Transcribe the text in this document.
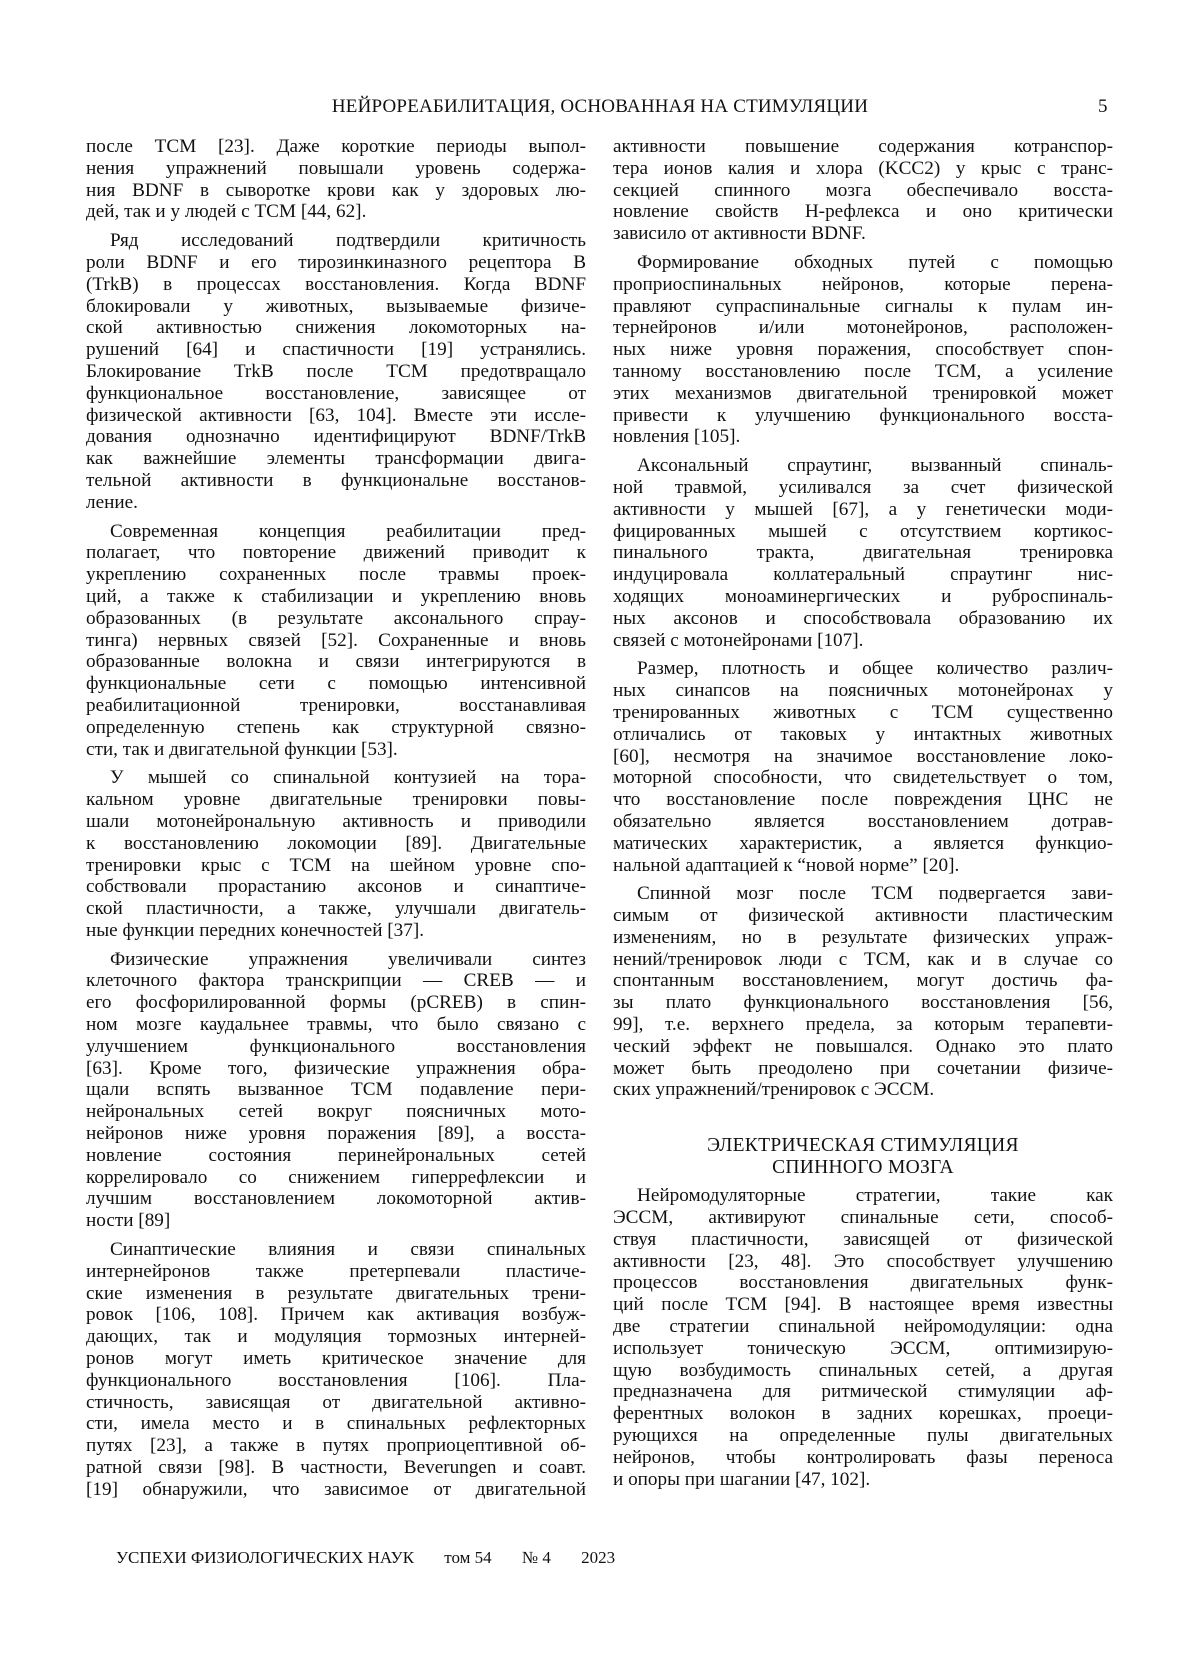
НЕЙРОРЕАБИЛИТАЦИЯ, ОСНОВАННАЯ НА СТИМУЛЯЦИИ	5
после ТСМ [23]. Даже короткие периоды выпол-
нения упражнений повышали уровень содержа-
ния BDNF в сыворотке крови как у здоровых лю-
дей, так и у людей с ТСМ [44, 62].
Ряд исследований подтвердили критичность
роли BDNF и его тирозинкиназного рецептора В
(TrkB) в процессах восстановления. Когда BDNF
блокировали у животных, вызываемые физиче-
ской активностью снижения локомоторных на-
рушений [64] и спастичности [19] устранялись.
Блокирование TrkB после ТСМ предотвращало
функциональное восстановление, зависящее от
физической активности [63, 104]. Вместе эти иссле-
дования однозначно идентифицируют BDNF/TrkB
как важнейшие элементы трансформации двига-
тельной активности в функциональне восстанов-
ление.
Современная концепция реабилитации пред-
полагает, что повторение движений приводит к
укреплению сохраненных после травмы проек-
ций, а также к стабилизации и укреплению вновь
образованных (в результате аксонального спрау-
тинга) нервных связей [52]. Сохраненные и вновь
образованные волокна и связи интегрируются в
функциональные сети с помощью интенсивной
реабилитационной тренировки, восстанавливая
определенную степень как структурной связно-
сти, так и двигательной функции [53].
У мышей со спинальной контузией на тора-
кальном уровне двигательные тренировки повы-
шали мотонейрональную активность и приводили
к восстановлению локомоции [89]. Двигательные
тренировки крыс с ТСМ на шейном уровне спо-
собствовали прорастанию аксонов и синаптиче-
ской пластичности, а также, улучшали двигатель-
ные функции передних конечностей [37].
Физические упражнения увеличивали синтез
клеточного фактора транскрипции — CREB — и
его фосфорилированной формы (pCREB) в спин-
ном мозге каудальнее травмы, что было связано с
улучшением функционального восстановления
[63]. Кроме того, физические упражнения обра-
щали вспять вызванное ТСМ подавление пери-
нейрональных сетей вокруг поясничных мото-
нейронов ниже уровня поражения [89], а восста-
новление состояния перинейрональных сетей
коррелировало со снижением гиперрефлексии и
лучшим восстановлением локомоторной актив-
ности [89]
Синаптические влияния и связи спинальных
интернейронов также претерпевали пластиче-
ские изменения в результате двигательных трени-
ровок [106, 108]. Причем как активация возбуж-
дающих, так и модуляция тормозных интерней-
ронов могут иметь критическое значение для
функционального восстановления [106]. Пла-
стичность, зависящая от двигательной активно-
сти, имела место и в спинальных рефлекторных
путях [23], а также в путях проприоцептивной об-
ратной связи [98]. В частности, Beverungen и соавт.
[19] обнаружили, что зависимое от двигательной
активности повышение содержания котранспор-
тера ионов калия и хлора (KCC2) у крыс с транс-
секцией спинного мозга обеспечивало восста-
новление свойств H-рефлекса и оно критически
зависило от активности BDNF.
Формирование обходных путей с помощью
проприоспинальных нейронов, которые перена-
правляют супраспинальные сигналы к пулам ин-
тернейронов и/или мотонейронов, расположен-
ных ниже уровня поражения, способствует спон-
танному восстановлению после ТСМ, а усиление
этих механизмов двигательной тренировкой может
привести к улучшению функционального восста-
новления [105].
Аксональный спраутинг, вызванный спиналь-
ной травмой, усиливался за счет физической
активности у мышей [67], а у генетически моди-
фицированных мышей с отсутствием кортикос-
пинального тракта, двигательная тренировка
индуцировала коллатеральный спраутинг нис-
ходящих моноаминергических и руброспиналь-
ных аксонов и способствовала образованию их
связей с мотонейронами [107].
Размер, плотность и общее количество различ-
ных синапсов на поясничных мотонейронах у
тренированных животных с ТСМ существенно
отличались от таковых у интактных животных
[60], несмотря на значимое восстановление локо-
моторной способности, что свидетельствует о том,
что восстановление после повреждения ЦНС не
обязательно является восстановлением дотрав-
матических характеристик, а является функцио-
нальной адаптацией к “новой норме” [20].
Спинной мозг после ТСМ подвергается зави-
симым от физической активности пластическим
изменениям, но в результате физических упраж-
нений/тренировок люди с ТСМ, как и в случае со
спонтанным восстановлением, могут достичь фа-
зы плато функционального восстановления [56,
99], т.е. верхнего предела, за которым терапевти-
ческий эффект не повышался. Однако это плато
может быть преодолено при сочетании физиче-
ских упражнений/тренировок с ЭССМ.
ЭЛЕКТРИЧЕСКАЯ СТИМУЛЯЦИЯ
СПИННОГО МОЗГА
Нейромодуляторные стратегии, такие как
ЭССМ, активируют спинальные сети, способ-
ствуя пластичности, зависящей от физической
активности [23, 48]. Это способствует улучшению
процессов восстановления двигательных функ-
ций после ТСМ [94]. В настоящее время известны
две стратегии спинальной нейромодуляции: одна
использует тоническую ЭССМ, оптимизирую-
щую возбудимость спинальных сетей, а другая
предназначена для ритмической стимуляции аф-
ферентных волокон в задних корешках, проеци-
рующихся на определенные пулы двигательных
нейронов, чтобы контролировать фазы переноса
и опоры при шагании [47, 102].
УСПЕХИ ФИЗИОЛОГИЧЕСКИХ НАУК том 54 № 4 2023
